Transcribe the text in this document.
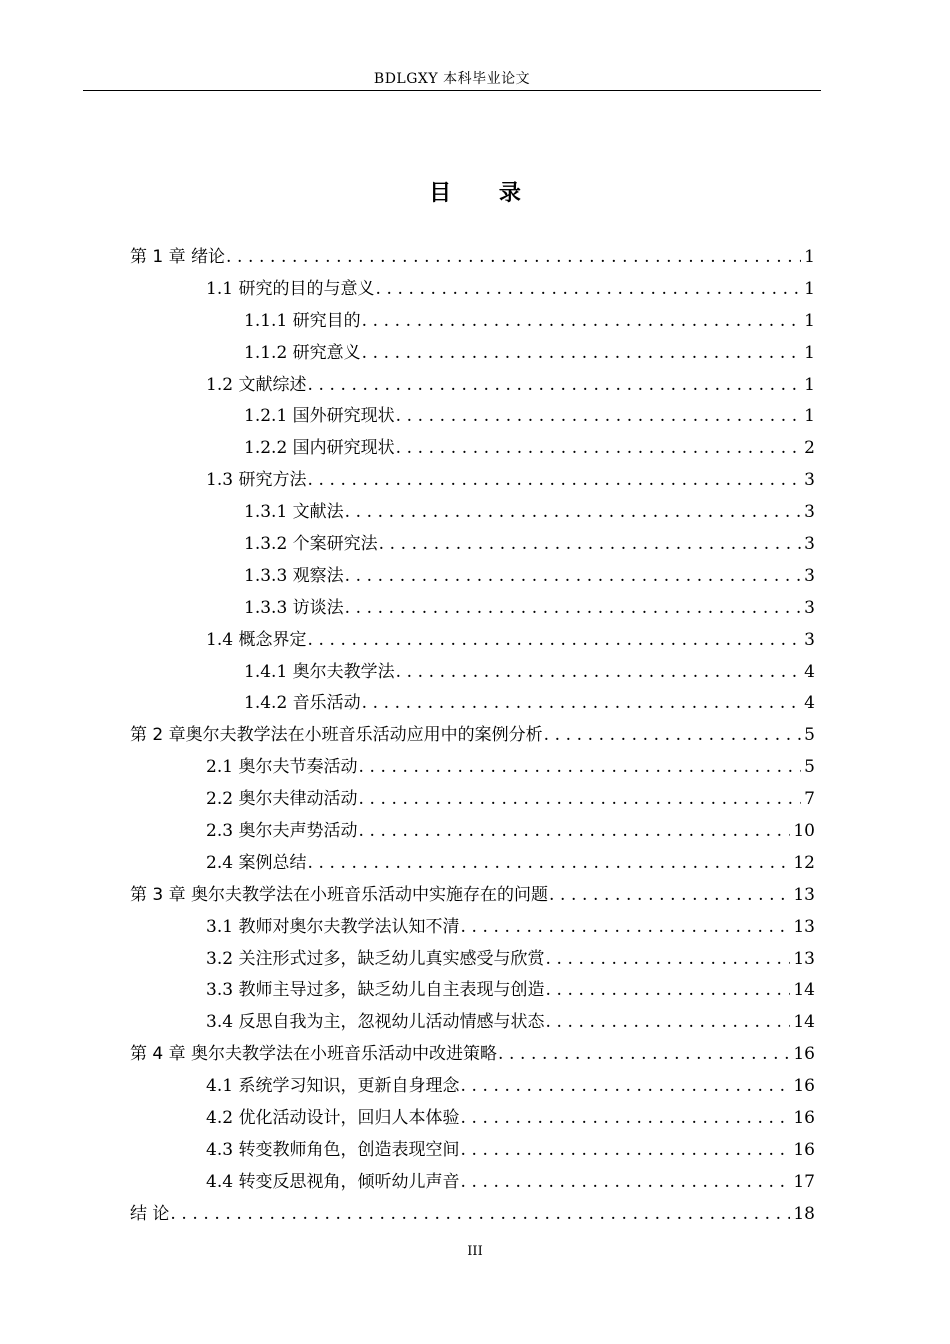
BDLGXY 本科毕业论文
目 录
第 1 章 绪论 .....	1
1.1 研究的目的与意义 .....	1
1.1.1 研究目的 .....	1
1.1.2 研究意义 .....	1
1.2 文献综述 .....	1
1.2.1 国外研究现状 .....	1
1.2.2 国内研究现状 .....	2
1.3 研究方法 .....	3
1.3.1 文献法 .....	3
1.3.2 个案研究法 .....	3
1.3.3 观察法 .....	3
1.3.3 访谈法 .....	3
1.4 概念界定 .....	3
1.4.1 奥尔夫教学法 .....	4
1.4.2 音乐活动 .....	4
第 2 章奥尔夫教学法在小班音乐活动应用中的案例分析 .....	5
2.1 奥尔夫节奏活动 .....	5
2.2 奥尔夫律动活动 .....	7
2.3 奥尔夫声势活动 .....	10
2.4 案例总结 .....	12
第 3 章 奥尔夫教学法在小班音乐活动中实施存在的问题 .....	13
3.1 教师对奥尔夫教学法认知不清 .....	13
3.2 关注形式过多，缺乏幼儿真实感受与欣赏 .....	13
3.3 教师主导过多，缺乏幼儿自主表现与创造 .....	14
3.4 反思自我为主，忽视幼儿活动情感与状态 .....	14
第 4 章 奥尔夫教学法在小班音乐活动中改进策略 .....	16
4.1 系统学习知识，更新自身理念 .....	16
4.2 优化活动设计，回归人本体验 .....	16
4.3 转变教师角色，创造表现空间 .....	16
4.4 转变反思视角，倾听幼儿声音 .....	17
结 论 .....	18
III
